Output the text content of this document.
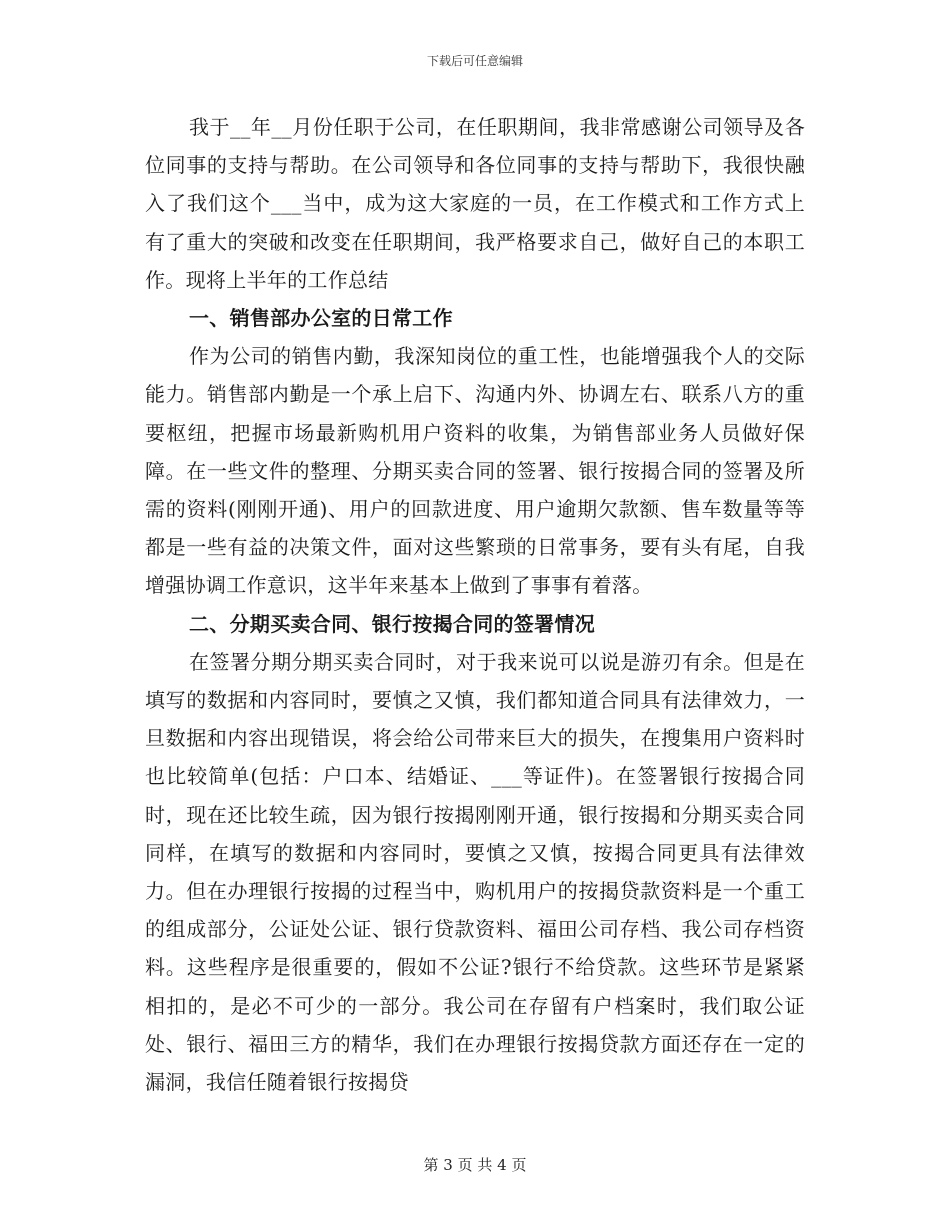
下载后可任意编辑

我于__年__月份任职于公司，在任职期间，我非常感谢公司领导及各位同事的支持与帮助。在公司领导和各位同事的支持与帮助下，我很快融入了我们这个___当中，成为这大家庭的一员，在工作模式和工作方式上有了重大的突破和改变在任职期间，我严格要求自己，做好自己的本职工作。现将上半年的工作总结

一、销售部办公室的日常工作

作为公司的销售内勤，我深知岗位的重工性，也能增强我个人的交际能力。销售部内勤是一个承上启下、沟通内外、协调左右、联系八方的重要枢纽，把握市场最新购机用户资料的收集，为销售部业务人员做好保障。在一些文件的整理、分期买卖合同的签署、银行按揭合同的签署及所需的资料(刚刚开通)、用户的回款进度、用户逾期欠款额、售车数量等等都是一些有益的决策文件，面对这些繁琐的日常事务，要有头有尾，自我增强协调工作意识，这半年来基本上做到了事事有着落。

二、分期买卖合同、银行按揭合同的签署情况

在签署分期分期买卖合同时，对于我来说可以说是游刃有余。但是在填写的数据和内容同时，要慎之又慎，我们都知道合同具有法律效力，一旦数据和内容出现错误，将会给公司带来巨大的损失，在搜集用户资料时也比较简单(包括：户口本、结婚证、___等证件)。在签署银行按揭合同时，现在还比较生疏，因为银行按揭刚刚开通，银行按揭和分期买卖合同同样，在填写的数据和内容同时，要慎之又慎，按揭合同更具有法律效力。但在办理银行按揭的过程当中，购机用户的按揭贷款资料是一个重工的组成部分，公证处公证、银行贷款资料、福田公司存档、我公司存档资料。这些程序是很重要的，假如不公证?银行不给贷款。这些环节是紧紧相扣的，是必不可少的一部分。我公司在存留有户档案时，我们取公证处、银行、福田三方的精华，我们在办理银行按揭贷款方面还存在一定的漏洞，我信任随着银行按揭贷

第 3 页 共 4 页
